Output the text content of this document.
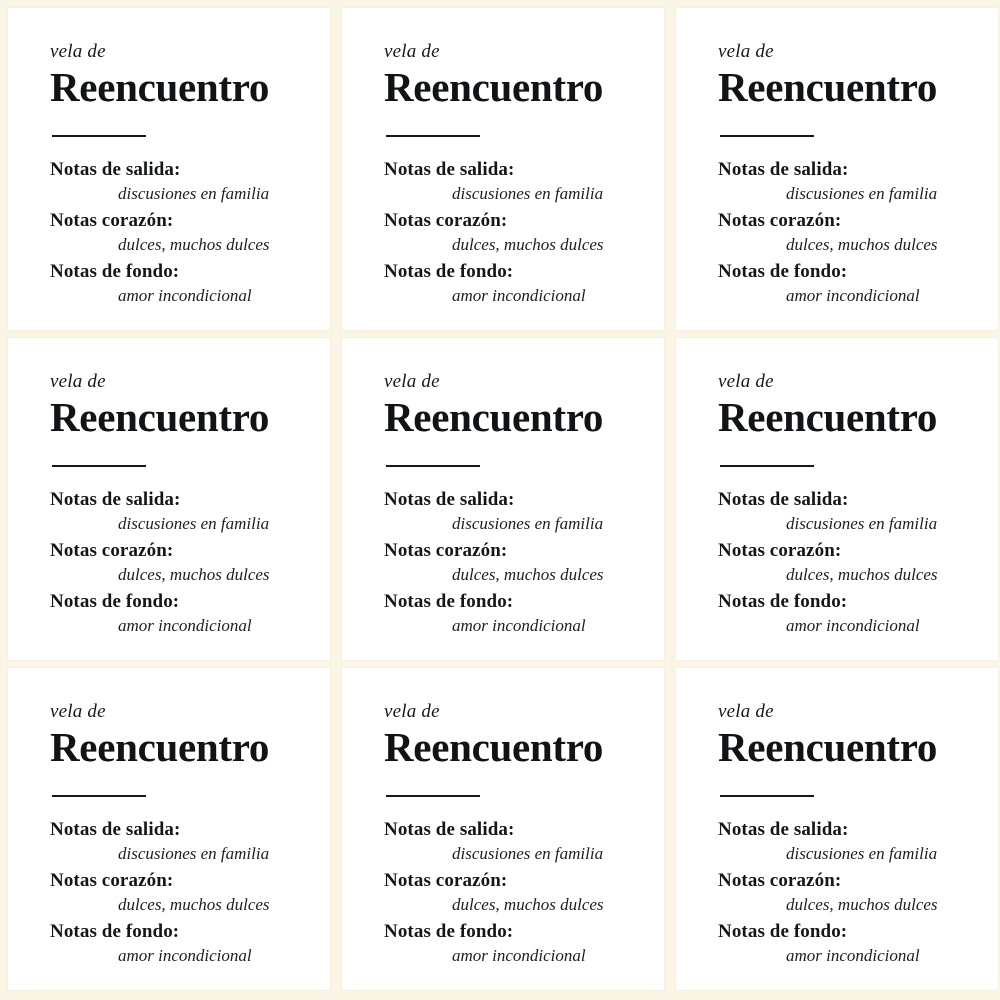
vela de
Reencuentro
Notas de salida:
discusiones en familia
Notas corazón:
dulces, muchos dulces
Notas de fondo:
amor incondicional
vela de
Reencuentro
Notas de salida:
discusiones en familia
Notas corazón:
dulces, muchos dulces
Notas de fondo:
amor incondicional
vela de
Reencuentro
Notas de salida:
discusiones en familia
Notas corazón:
dulces, muchos dulces
Notas de fondo:
amor incondicional
vela de
Reencuentro
Notas de salida:
discusiones en familia
Notas corazón:
dulces, muchos dulces
Notas de fondo:
amor incondicional
vela de
Reencuentro
Notas de salida:
discusiones en familia
Notas corazón:
dulces, muchos dulces
Notas de fondo:
amor incondicional
vela de
Reencuentro
Notas de salida:
discusiones en familia
Notas corazón:
dulces, muchos dulces
Notas de fondo:
amor incondicional
vela de
Reencuentro
Notas de salida:
discusiones en familia
Notas corazón:
dulces, muchos dulces
Notas de fondo:
amor incondicional
vela de
Reencuentro
Notas de salida:
discusiones en familia
Notas corazón:
dulces, muchos dulces
Notas de fondo:
amor incondicional
vela de
Reencuentro
Notas de salida:
discusiones en familia
Notas corazón:
dulces, muchos dulces
Notas de fondo:
amor incondicional
